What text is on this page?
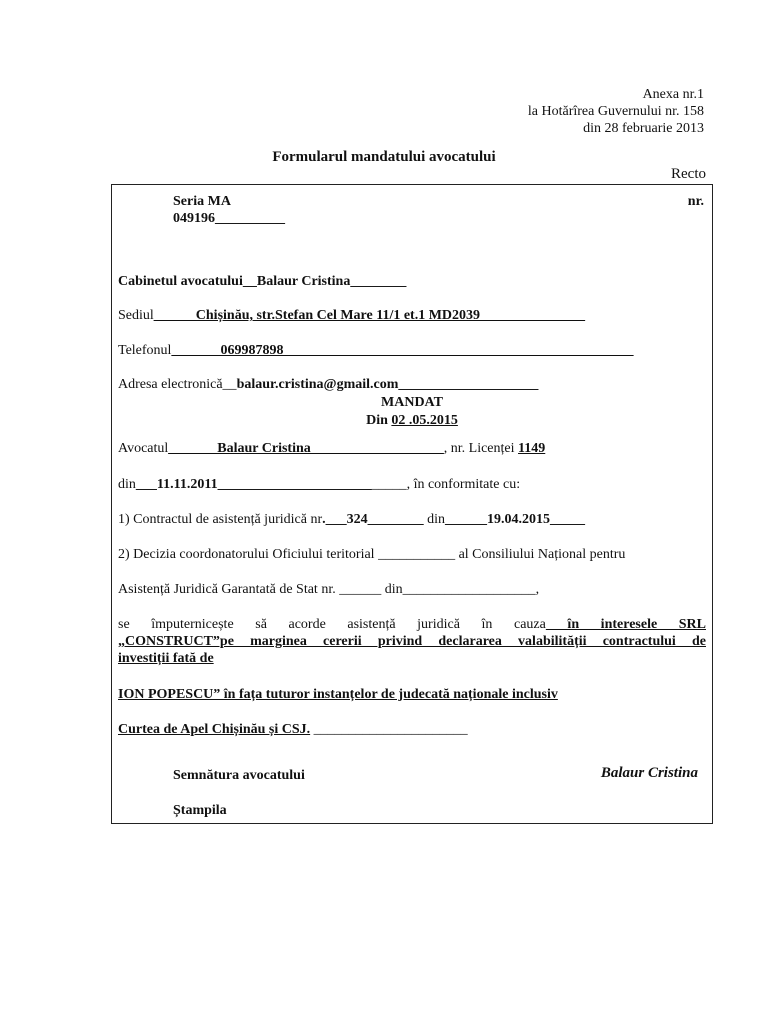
Anexa nr.1
la Hotărîrea Guvernului nr. 158
din 28 februarie 2013
Formularul mandatului avocatului
Recto
Seria MA	nr.
049196__________
Cabinetul avocatului__Balaur Cristina________
Sediul______Chișinău, str.Stefan Cel Mare 11/1 et.1 MD2039_______________
Telefonul_______069987898__________________________________________________
Adresa electronică__balaur.cristina@gmail.com____________________
MANDAT
Din 02 .05.2015
Avocatul_______Balaur Cristina___________________, nr. Licenței 1149
din___11.11.2011___________________________, în conformitate cu:
1) Contractul de asistență juridică nr.___324________ din______19.04.2015_____
2) Decizia coordonatorului Oficiului teritorial ___________ al Consiliului Național pentru
Asistență Juridică Garantată de Stat nr. ______ din___________________,
se împuternicește să acorde asistență juridică în cauza în interesele SRL
„CONSTRUCT”pe marginea cererii privind declararea valabilității contractului de
investiții fată de
ION POPESCU” în fața tuturor instanțelor de judecată naționale inclusiv
Curtea de Apel Chișinău și CSJ. ______________________
Semnătura avocatului	Balaur Cristina
Ștampila
